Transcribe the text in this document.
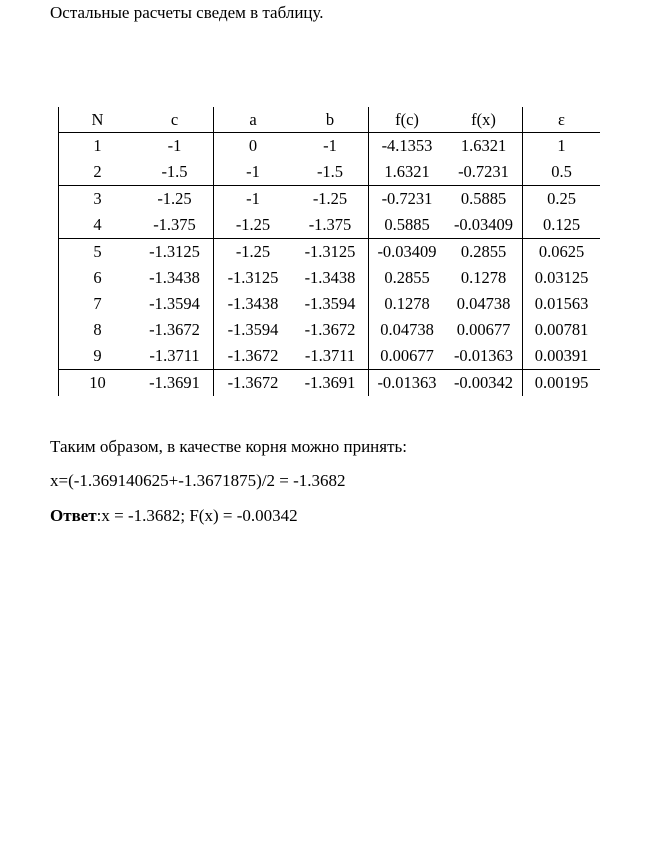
Остальные расчеты сведем в таблицу.
N	c	a	b	f(c)	f(x)	ε
1	-1	0	-1	-4.1353	1.6321	1
2	-1.5	-1	-1.5	1.6321	-0.7231	0.5
3	-1.25	-1	-1.25	-0.7231	0.5885	0.25
4	-1.375	-1.25	-1.375	0.5885	-0.03409	0.125
5	-1.3125	-1.25	-1.3125	-0.03409	0.2855	0.0625
6	-1.3438	-1.3125	-1.3438	0.2855	0.1278	0.03125
7	-1.3594	-1.3438	-1.3594	0.1278	0.04738	0.01563
8	-1.3672	-1.3594	-1.3672	0.04738	0.00677	0.00781
9	-1.3711	-1.3672	-1.3711	0.00677	-0.01363	0.00391
10	-1.3691	-1.3672	-1.3691	-0.01363	-0.00342	0.00195
Таким образом, в качестве корня можно принять:
x=(-1.369140625+-1.3671875)/2 = -1.3682
Ответ:x = -1.3682; F(x) = -0.00342
